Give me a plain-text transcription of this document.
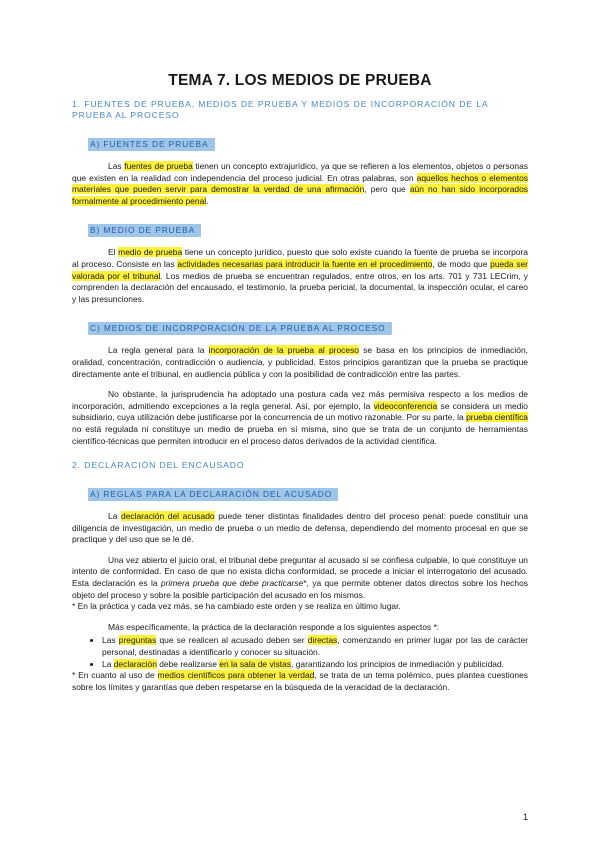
TEMA 7. LOS MEDIOS DE PRUEBA
1. FUENTES DE PRUEBA, MEDIOS DE PRUEBA Y MEDIOS DE INCORPORACIÓN DE LA PRUEBA AL PROCESO
A) FUENTES DE PRUEBA

Las fuentes de prueba tienen un concepto extrajurídico, ya que se refieren a los elementos, objetos o personas que existen en la realidad con independencia del proceso judicial. En otras palabras, son aquellos hechos o elementos materiales que pueden servir para demostrar la verdad de una afirmación, pero que aún no han sido incorporados formalmente al procedimiento penal.

B) MEDIO DE PRUEBA

El medio de prueba tiene un concepto jurídico, puesto que solo existe cuando la fuente de prueba se incorpora al proceso. Consiste en las actividades necesarias para introducir la fuente en el procedimiento, de modo que pueda ser valorada por el tribunal. Los medios de prueba se encuentran regulados, entre otros, en los arts. 701 y 731 LECrim, y comprenden la declaración del encausado, el testimonio, la prueba pericial, la documental, la inspección ocular, el careo y las presunciones.

C) MEDIOS DE INCORPORACIÓN DE LA PRUEBA AL PROCESO

La regla general para la incorporación de la prueba al proceso se basa en los principios de inmediación, oralidad, concentración, contradicción o audiencia, y publicidad. Estos principios garantizan que la prueba se practique directamente ante el tribunal, en audiencia pública y con la posibilidad de contradicción entre las partes.

No obstante, la jurisprudencia ha adoptado una postura cada vez más permisiva respecto a los medios de incorporación, admitiendo excepciones a la regla general. Así, por ejemplo, la videoconferencia se considera un medio subsidiario, cuya utilización debe justificarse por la concurrencia de un motivo razonable. Por su parte, la prueba científica no está regulada ni constituye un medio de prueba en sí misma, sino que se trata de un conjunto de herramientas científico-técnicas que permiten introducir en el proceso datos derivados de la actividad científica.

2. DECLARACIÓN DEL ENCAUSADO
A) REGLAS PARA LA DECLARACIÓN DEL ACUSADO

La declaración del acusado puede tener distintas finalidades dentro del proceso penal: puede constituir una diligencia de investigación, un medio de prueba o un medio de defensa, dependiendo del momento procesal en que se practique y del uso que se le dé.

Una vez abierto el juicio oral, el tribunal debe preguntar al acusado si se confiesa culpable, lo que constituye un intento de conformidad. En caso de que no exista dicha conformidad, se procede a iniciar el interrogatorio del acusado. Esta declaración es la primera prueba que debe practicarse*, ya que permite obtener datos directos sobre los hechos objeto del proceso y sobre la posible participación del acusado en los mismos.

* En la práctica y cada vez más, se ha cambiado este orden y se realiza en último lugar.

Más específicamente, la práctica de la declaración responde a los siguientes aspectos *:

• Las preguntas que se realicen al acusado deben ser directas, comenzando en primer lugar por las de carácter personal, destinadas a identificarlo y conocer su situación.
• La declaración debe realizarse en la sala de vistas, garantizando los principios de inmediación y publicidad.

* En cuanto al uso de medios científicos para obtener la verdad, se trata de un tema polémico, pues plantea cuestiones sobre los límites y garantías que deben respetarse en la búsqueda de la veracidad de la declaración.

1
